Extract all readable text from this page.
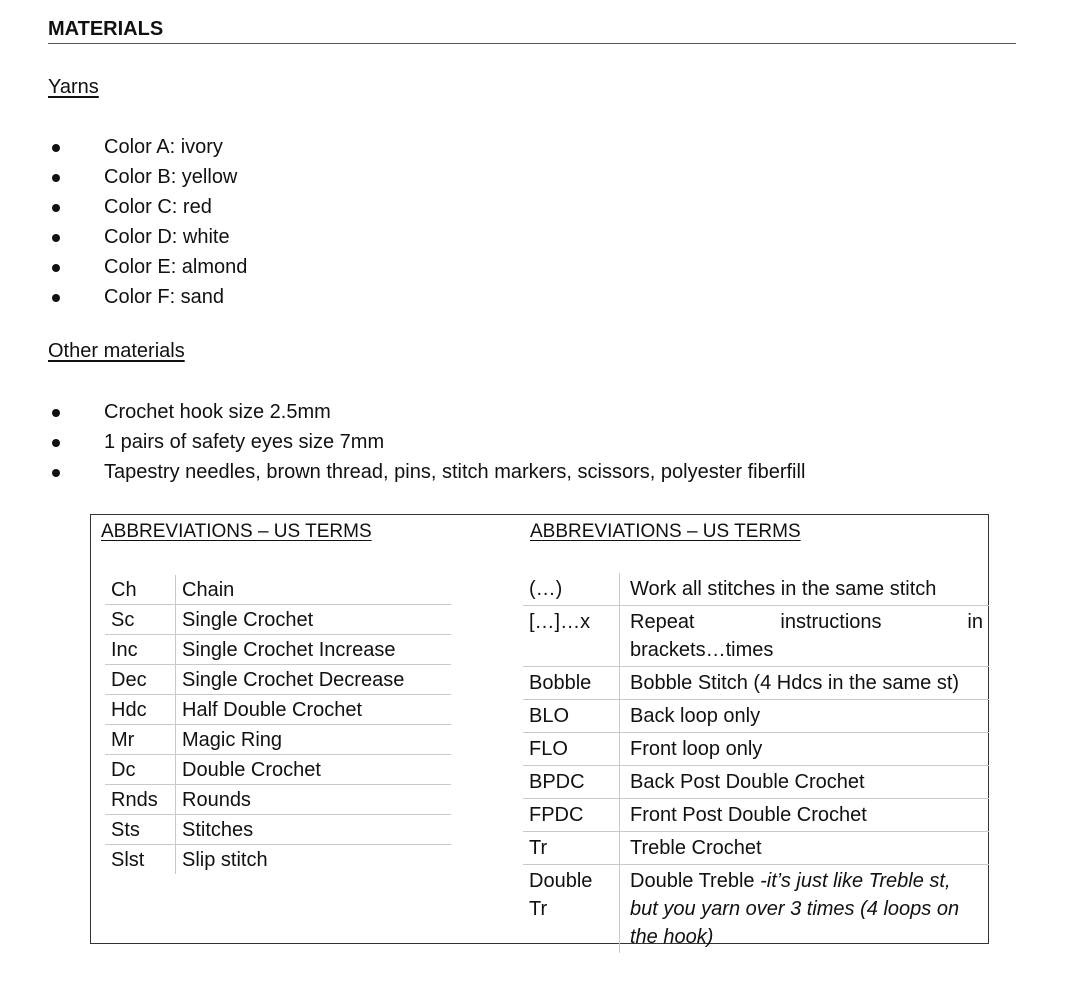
MATERIALS
Yarns
Color A: ivory
Color B: yellow
Color C: red
Color D: white
Color E: almond
Color F: sand
Other materials
Crochet hook size 2.5mm
1 pairs of safety eyes size 7mm
Tapestry needles, brown thread, pins, stitch markers, scissors, polyester fiberfill
ABBREVIATIONS – US TERMS	ABBREVIATIONS – US TERMS
Ch	Chain
Sc	Single Crochet
Inc	Single Crochet Increase
Dec	Single Crochet Decrease
Hdc	Half Double Crochet
Mr	Magic Ring
Dc	Double Crochet
Rnds	Rounds
Sts	Stitches
Slst	Slip stitch
(…)	Work all stitches in the same stitch
[…]…x	Repeat instructions in
brackets…times

Bobble	Bobble Stitch (4 Hdcs in the same st)
BLO	Back loop only
FLO	Front loop only
BPDC	Back Post Double Crochet
FPDC	Front Post Double Crochet
Tr	Treble Crochet

Double
Tr	Double Treble -it’s just like Treble st, but you yarn over 3 times (4 loops on the hook)
